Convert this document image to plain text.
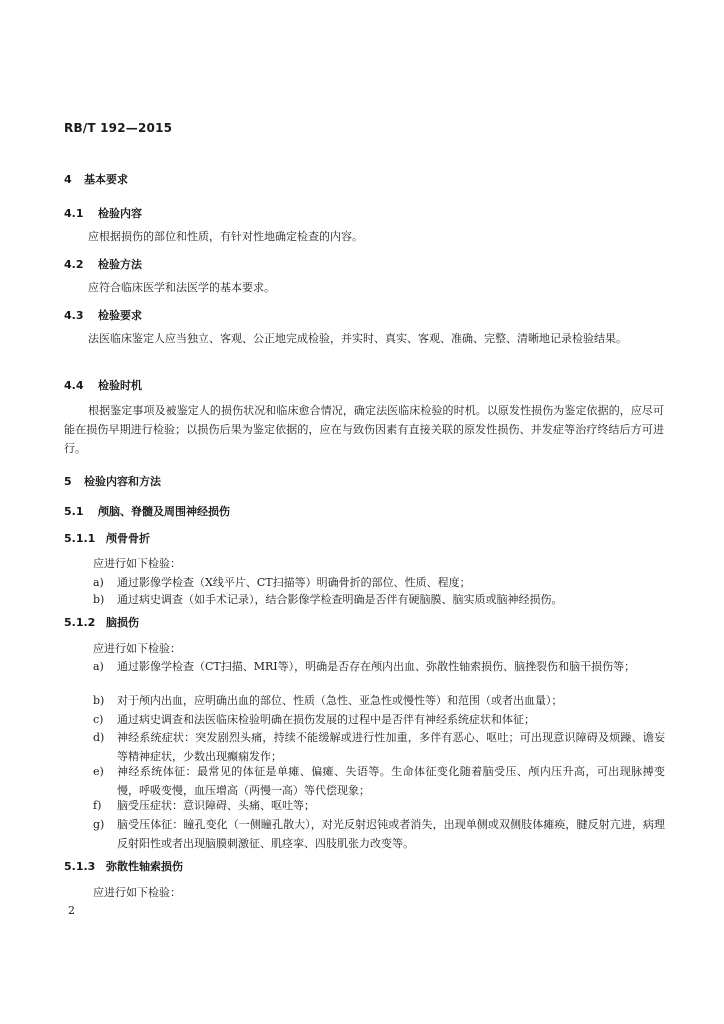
RB/T 192—2015
4 基本要求
4.1 检验内容
应根据损伤的部位和性质，有针对性地确定检查的内容。
4.2 检验方法
应符合临床医学和法医学的基本要求。
4.3 检验要求
法医临床鉴定人应当独立、客观、公正地完成检验，并实时、真实、客观、准确、完整、清晰地记录检验结果。
4.4 检验时机
根据鉴定事项及被鉴定人的损伤状况和临床愈合情况，确定法医临床检验的时机。以原发性损伤为鉴定依据的，应尽可能在损伤早期进行检验；以损伤后果为鉴定依据的，应在与致伤因素有直接关联的原发性损伤、并发症等治疗终结后方可进行。
5 检验内容和方法
5.1 颅脑、脊髓及周围神经损伤
5.1.1 颅骨骨折
应进行如下检验：
a)	通过影像学检查（X线平片、CT扫描等）明确骨折的部位、性质、程度；
b)	通过病史调查（如手术记录），结合影像学检查明确是否伴有硬脑膜、脑实质或脑神经损伤。
5.1.2 脑损伤
应进行如下检验：
a)	通过影像学检查（CT扫描、MRI等），明确是否存在颅内出血、弥散性轴索损伤、脑挫裂伤和脑干损伤等；
b)	对于颅内出血，应明确出血的部位、性质（急性、亚急性或慢性等）和范围（或者出血量）；
c)	通过病史调查和法医临床检验明确在损伤发展的过程中是否伴有神经系统症状和体征；
d)	神经系统症状：突发剧烈头痛，持续不能缓解或进行性加重，多伴有恶心、呕吐；可出现意识障碍及烦躁、谵妄等精神症状，少数出现癫痫发作；
e)	神经系统体征：最常见的体征是单瘫、偏瘫、失语等。生命体征变化随着脑受压、颅内压升高，可出现脉搏变慢，呼吸变慢，血压增高（两慢一高）等代偿现象；
f)	脑受压症状：意识障碍、头痛、呕吐等；
g)	脑受压体征：瞳孔变化（一侧瞳孔散大），对光反射迟钝或者消失，出现单侧或双侧肢体瘫痪，腱反射亢进，病理反射阳性或者出现脑膜刺激征、肌痉挛、四肢肌张力改变等。
5.1.3 弥散性轴索损伤
应进行如下检验：
2
